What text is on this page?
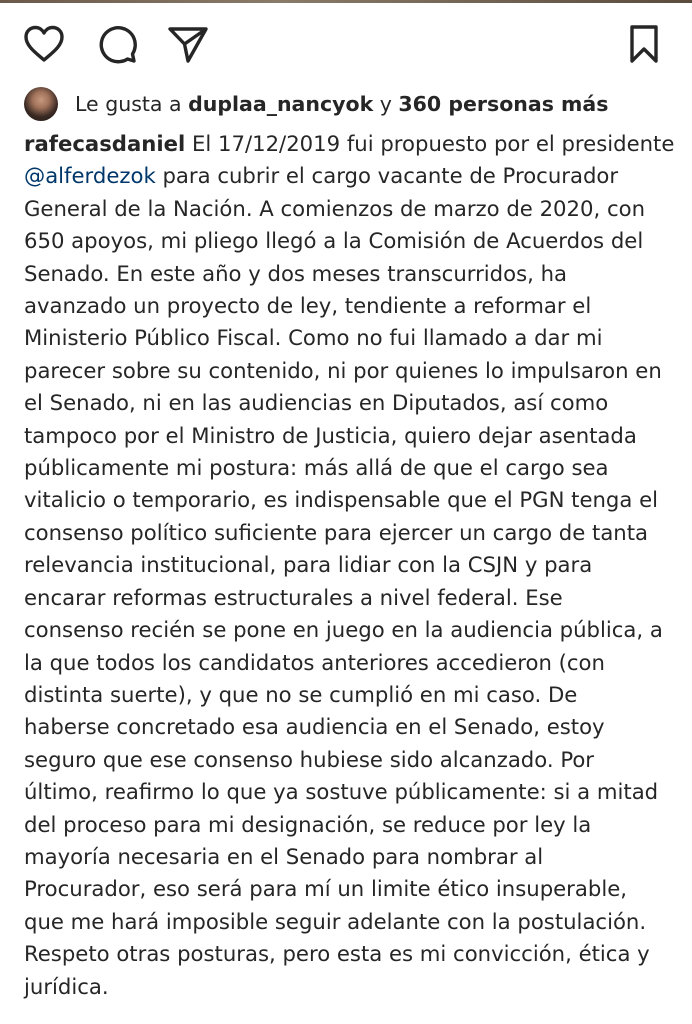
Le gusta a duplaa_nancyok y 360 personas más
rafecasdaniel El 17/12/2019 fui propuesto por el presidente
@alferdezok para cubrir el cargo vacante de Procurador
General de la Nación. A comienzos de marzo de 2020, con
650 apoyos, mi pliego llegó a la Comisión de Acuerdos del
Senado. En este año y dos meses transcurridos, ha
avanzado un proyecto de ley, tendiente a reformar el
Ministerio Público Fiscal. Como no fui llamado a dar mi
parecer sobre su contenido, ni por quienes lo impulsaron en
el Senado, ni en las audiencias en Diputados, así como
tampoco por el Ministro de Justicia, quiero dejar asentada
públicamente mi postura: más allá de que el cargo sea
vitalicio o temporario, es indispensable que el PGN tenga el
consenso político suficiente para ejercer un cargo de tanta
relevancia institucional, para lidiar con la CSJN y para
encarar reformas estructurales a nivel federal. Ese
consenso recién se pone en juego en la audiencia pública, a
la que todos los candidatos anteriores accedieron (con
distinta suerte), y que no se cumplió en mi caso. De
haberse concretado esa audiencia en el Senado, estoy
seguro que ese consenso hubiese sido alcanzado. Por
último, reafirmo lo que ya sostuve públicamente: si a mitad
del proceso para mi designación, se reduce por ley la
mayoría necesaria en el Senado para nombrar al
Procurador, eso será para mí un limite ético insuperable,
que me hará imposible seguir adelante con la postulación.
Respeto otras posturas, pero esta es mi convicción, ética y
jurídica.
